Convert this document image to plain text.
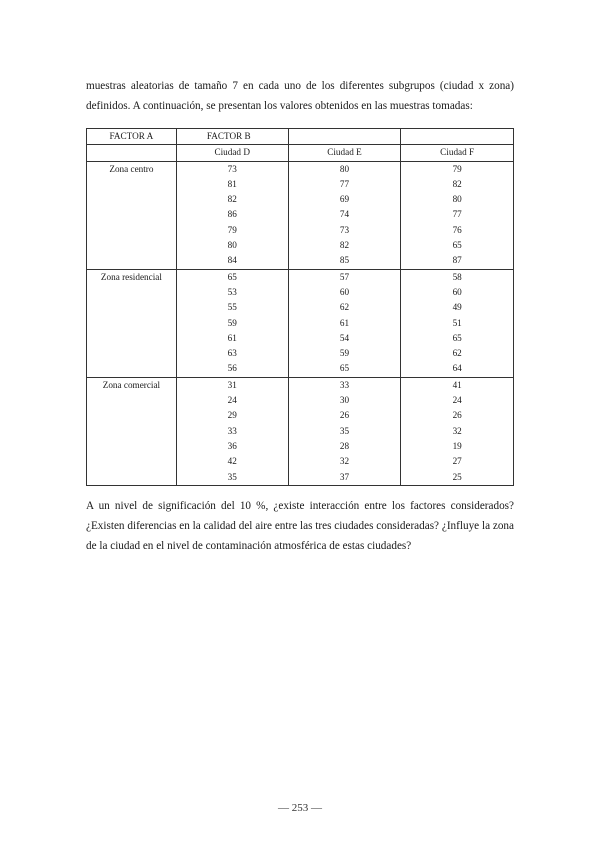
muestras aleatorias de tamaño 7 en cada uno de los diferentes subgrupos (ciudad x zona) definidos. A continuación, se presentan los valores obtenidos en las muestras tomadas:

FACTOR A	FACTOR B		
	Ciudad D	Ciudad E	Ciudad F
Zona centro	73	80	79
	81	77	82
	82	69	80
	86	74	77
	79	73	76
	80	82	65
	84	85	87
Zona residencial	65	57	58
	53	60	60
	55	62	49
	59	61	51
	61	54	65
	63	59	62
	56	65	64
Zona comercial	31	33	41
	24	30	24
	29	26	26
	33	35	32
	36	28	19
	42	32	27
	35	37	25

A un nivel de significación del 10 %, ¿existe interacción entre los factores considerados? ¿Existen diferencias en la calidad del aire entre las tres ciudades consideradas? ¿Influye la zona de la ciudad en el nivel de contaminación atmosférica de estas ciudades?

— 253 —
